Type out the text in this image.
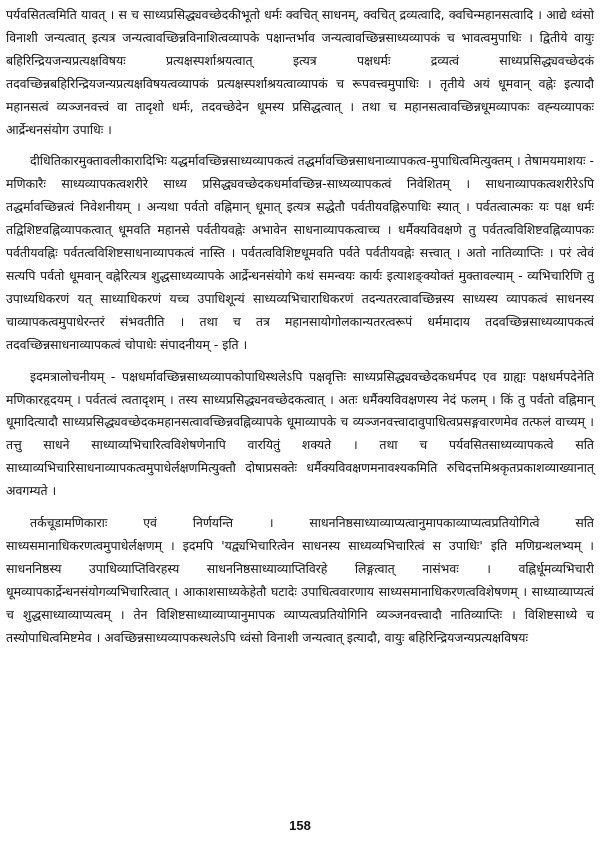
पर्यवसितत्वमिति यावत् । स च साध्यप्रसिद्ध्यवच्छेदकीभूतो धर्मः क्वचित् साधनम्, क्वचित् द्रव्यत्वादि, क्वचिन्महानसत्वादि । आद्ये ध्वंसो विनाशी जन्यत्वात् इत्यत्र जन्यत्वावच्छिन्नविनाशित्वव्यापके पक्षान्तर्भाव जन्यत्वावच्छिन्नसाध्यव्यापकं च भावत्वमुपाधिः । द्वितीये वायुः बहिरिन्द्रियजन्यप्रत्यक्षविषयः प्रत्यक्षस्पर्शाश्रयत्वात् इत्यत्र पक्षधर्मः द्रव्यत्वं साध्यप्रसिद्ध्यवच्छेदकं तदवच्छिन्नबहिरिन्द्रियजन्यप्रत्यक्षविषयत्वव्यापकं प्रत्यक्षस्पर्शाश्रयत्वाव्यापकं च रूपवत्त्वमुपाधिः । तृतीये अयं धूमवान् वह्नेः इत्यादौ महानसत्वं व्यञ्जनवत्त्वं वा तादृशो धर्मः, तदवच्छेदेन धूमस्य प्रसिद्धत्वात् । तथा च महानसत्वावच्छिन्नधूमव्यापकः वह्न्यव्यापकः आर्द्रेन्धनसंयोग उपाधिः ।

दीधितिकारमुक्तावलीकारादिभिः यद्धर्मावच्छिन्नसाध्यव्यापकत्वं तद्धर्मावच्छिन्नसाधनाव्यापकत्व-मुपाधित्वमित्युक्तम् । तेषामयमाशयः - मणिकारैः साध्यव्यापकत्वशरीरे साध्य प्रसिद्ध्यवच्छेदकधर्मावच्छिन्न-साध्यव्यापकत्वं निवेशितम् । साधनाव्यापकत्वशरीरेऽपि तद्धर्मावच्छिन्नत्वं निवेशनीयम् । अन्यथा पर्वतो वह्निमान् धूमात् इत्यत्र सद्धेतौ पर्वतीयवह्निरुपाधिः स्यात् । पर्वतत्वात्मकः यः पक्ष धर्मः तद्विशिष्टवह्निव्यापकत्वात् धूमवति महानसे पर्वतीयवह्नेः अभावेन साधनाव्यापकत्वाच्च । धर्मैक्यविवक्षणे तु पर्वतत्वविशिष्टवह्निव्यापकः पर्वतीयवह्निः पर्वतत्वविशिष्टसाधनाव्यापकत्वं नास्ति । पर्वतत्वविशिष्टधूमवति पर्वते पर्वतीयवह्नेः सत्त्वात् । अतो नातिव्याप्तिः । परं त्वेवं सत्यपि पर्वतो धूमवान् वह्नेरित्यत्र शुद्धसाध्यव्यापके आर्द्रेन्धनसंयोगे कथं समन्वयः कार्यः इत्याशङ्क्योक्तं मुक्तावल्याम् - व्यभिचारिणि तु उपाध्यधिकरणं यत् साध्याधिकरणं यच्च उपाधिशून्यं साध्यव्यभिचाराधिकरणं तदन्यतरत्वावच्छिन्नस्य साध्यस्य व्यापकत्वं साधनस्य चाव्यापकत्वमुपाधेरन्तरं संभवतीति । तथा च तत्र महानसायोगोलकान्यतरत्वरूपं धर्ममादाय तदवच्छिन्नसाध्यव्यापकत्वं तदवच्छिन्नसाधनाव्यापकत्वं चोपाधेः संपादनीयम् - इति ।

इदमत्रालोचनीयम् - पक्षधर्मावच्छिन्नसाध्यव्यापकोपाधिस्थलेऽपि पक्षवृत्तिः साध्यप्रसिद्ध्यवच्छेदकधर्मपद एव ग्राह्यः पक्षधर्मपदेनेति मणिकारहृदयम् । पर्वतत्वं त्वतादृशम् । तस्य साध्यप्रसिद्ध्यनवच्छेदकत्वात् । अतः धर्मैक्यविवक्षणस्य नेदं फलम् । किं तु पर्वतो वह्निमान् धूमादित्यादौ साध्यप्रसिद्ध्यवच्छेदकमहानसत्वावच्छिन्नवह्निव्यापके धूमाव्यापके च व्यञ्जनवत्त्वादावुपाधित्वप्रसङ्गवारणमेव तत्फलं वाच्यम् । तत्तु साधने साध्याव्यभिचारित्वविशेषणेनापि वारयितुं शक्यते । तथा च पर्यवसितसाध्यव्यापकत्वे सति साध्याव्यभिचारिसाधनाव्यापकत्वमुपाधेर्लक्षणमित्युक्तौ दोषाप्रसक्तेः धर्मैक्यविवक्षणमनावश्यकमिति रुचिदत्तमिश्रकृतप्रकाशव्याख्यानात् अवगम्यते ।

तर्कचूडामणिकाराः एवं निर्णयन्ति । साधननिष्ठसाध्याव्याप्यत्वानुमापकाव्याप्यत्वप्रतियोगित्वे सति साध्यसमानाधिकरणत्वमुपाधेर्लक्षणम् । इदमपि 'यद्व्यभिचारित्वेन साधनस्य साध्यव्यभिचारित्वं स उपाधिः' इति मणिग्रन्थलभ्यम् । साधननिष्ठस्य उपाधिव्याप्तिविरहस्य साधननिष्ठसाध्याव्याप्तिविरहे लिङ्गत्वात् नासंभवः । वह्निर्धूमव्यभिचारी धूमव्यापकार्द्रेन्धनसंयोगव्यभिचारित्वात् । आकाशसाध्यकेहेतौ घटादेः उपाधित्ववारणाय साध्यसमानाधिकरणत्वविशेषणम् । साध्याव्याप्यत्वं च शुद्धसाध्याव्याप्यत्वम् । तेन विशिष्टसाध्याव्याप्यानुमापक व्याप्यत्वप्रतियोगिनि व्यञ्जनवत्त्वादौ नातिव्याप्तिः । विशिष्टसाध्ये च तस्योपाधित्वमिष्टमेव । अवच्छिन्नसाध्यव्यापकस्थलेऽपि ध्वंसो विनाशी जन्यत्वात् इत्यादौ, वायुः बहिरिन्द्रियजन्यप्रत्यक्षविषयः

158
